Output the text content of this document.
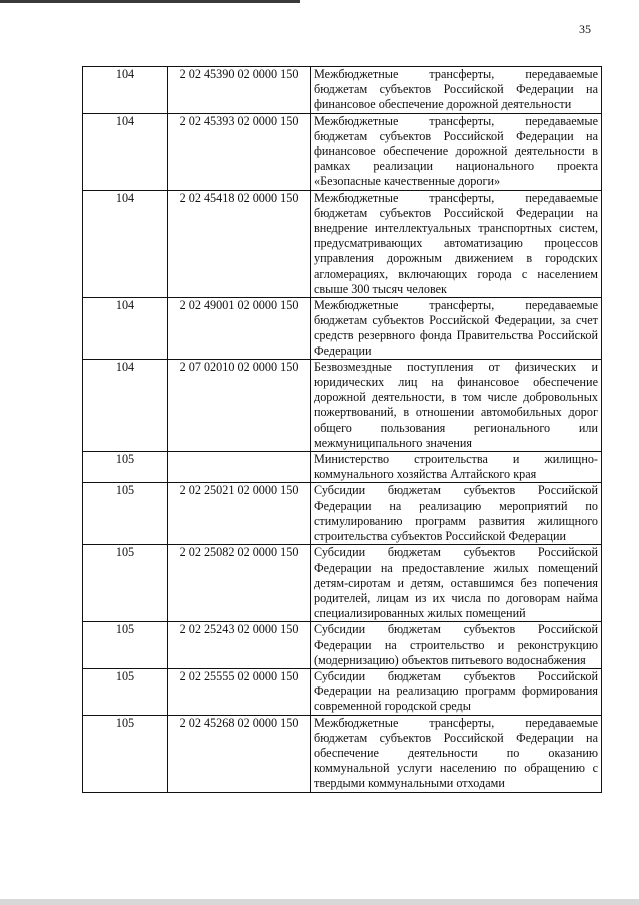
35
104	2 02 45390 02 0000 150	Межбюджетные трансферты, передаваемые бюджетам субъектов Российской Федерации на финансовое обеспечение дорожной деятельности
104	2 02 45393 02 0000 150	Межбюджетные трансферты, передаваемые бюджетам субъектов Российской Федерации на финансовое обеспечение дорожной деятельности в рамках реализации национального проекта «Безопасные качественные дороги»
104	2 02 45418 02 0000 150	Межбюджетные трансферты, передаваемые бюджетам субъектов Российской Федерации на внедрение интеллектуальных транспортных систем, предусматривающих автоматизацию процессов управления дорожным движением в городских агломерациях, включающих города с населением свыше 300 тысяч человек
104	2 02 49001 02 0000 150	Межбюджетные трансферты, передаваемые бюджетам субъектов Российской Федерации, за счет средств резервного фонда Правительства Российской Федерации
104	2 07 02010 02 0000 150	Безвозмездные поступления от физических и юридических лиц на финансовое обеспечение дорожной деятельности, в том числе добровольных пожертвований, в отношении автомобильных дорог общего пользования регионального или межмуниципального значения
105		Министерство строительства и жилищно-коммунального хозяйства Алтайского края
105	2 02 25021 02 0000 150	Субсидии бюджетам субъектов Российской Федерации на реализацию мероприятий по стимулированию программ развития жилищного строительства субъектов Российской Федерации
105	2 02 25082 02 0000 150	Субсидии бюджетам субъектов Российской Федерации на предоставление жилых помещений детям-сиротам и детям, оставшимся без попечения родителей, лицам из их числа по договорам найма специализированных жилых помещений
105	2 02 25243 02 0000 150	Субсидии бюджетам субъектов Российской Федерации на строительство и реконструкцию (модернизацию) объектов питьевого водоснабжения
105	2 02 25555 02 0000 150	Субсидии бюджетам субъектов Российской Федерации на реализацию программ формирования современной городской среды
105	2 02 45268 02 0000 150	Межбюджетные трансферты, передаваемые бюджетам субъектов Российской Федерации на обеспечение деятельности по оказанию коммунальной услуги населению по обращению с твердыми коммунальными отходами
